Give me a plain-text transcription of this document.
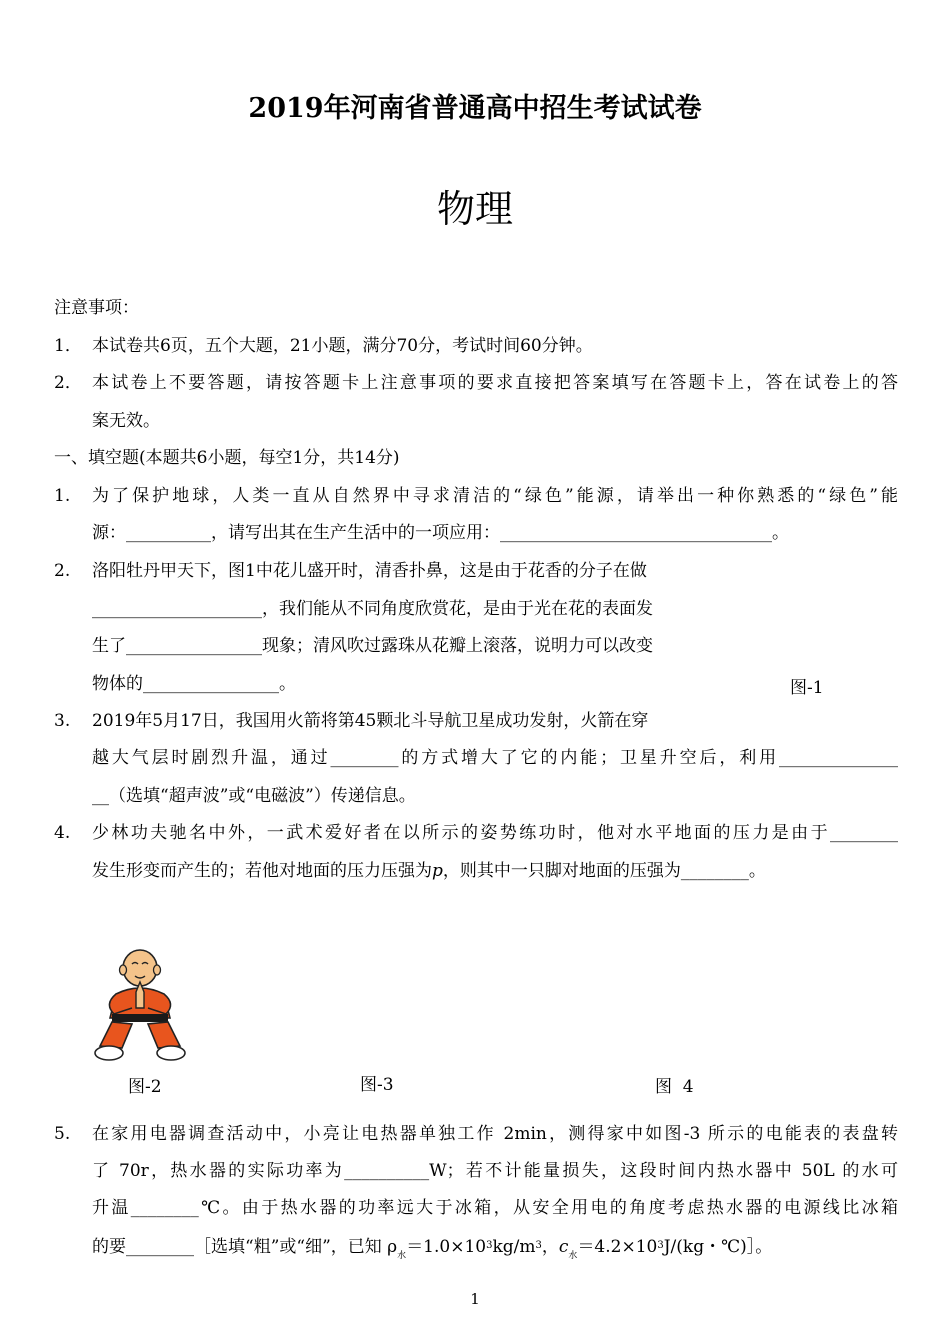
2019年河南省普通高中招生考试试卷
物理
注意事项：
1． 本试卷共6页，五个大题，21小题，满分70分，考试时间60分钟。
2． 本试卷上不要答题，请按答题卡上注意事项的要求直接把答案填写在答题卡上，答在试卷上的答
案无效。
一、填空题(本题共6小题，每空1分，共14分)
1.	为了保护地球，人类一直从自然界中寻求清洁的“绿色”能源，请举出一种你熟悉的“绿色”能
源：__________，请写出其在生产生活中的一项应用：________________________________。
2.	洛阳牡丹甲天下，图1中花儿盛开时，清香扑鼻，这是由于花香的分子在做
____________________，我们能从不同角度欣赏花，是由于光在花的表面发
生了________________现象；清风吹过露珠从花瓣上滚落，说明力可以改变
物体的________________。	图-1
3.	2019年5月17日，我国用火箭将第45颗北斗导航卫星成功发射，火箭在穿
越大气层时剧烈升温，通过________的方式增大了它的内能；卫星升空后，利用______________
__（选填“超声波”或“电磁波”）传递信息。
4.	少林功夫驰名中外，一武术爱好者在以所示的姿势练功时，他对水平地面的压力是由于________
发生形变而产生的；若他对地面的压力压强为p，则其中一只脚对地面的压强为________。
图-2	图-3	图  4
5.	在家用电器调查活动中，小亮让电热器单独工作 2min，测得家中如图-3 所示的电能表的表盘转
了 70r，热水器的实际功率为__________W；若不计能量损失，这段时间内热水器中 50L 的水可
升温________℃。由于热水器的功率远大于冰箱，从安全用电的角度考虑热水器的电源线比冰箱
的要________［选填“粗”或“细”，已知 $\rho_水=1.0\times 10^3kg/m^3$，$c_水=4.2\times 10^3J/(kg$・℃)］。
1
